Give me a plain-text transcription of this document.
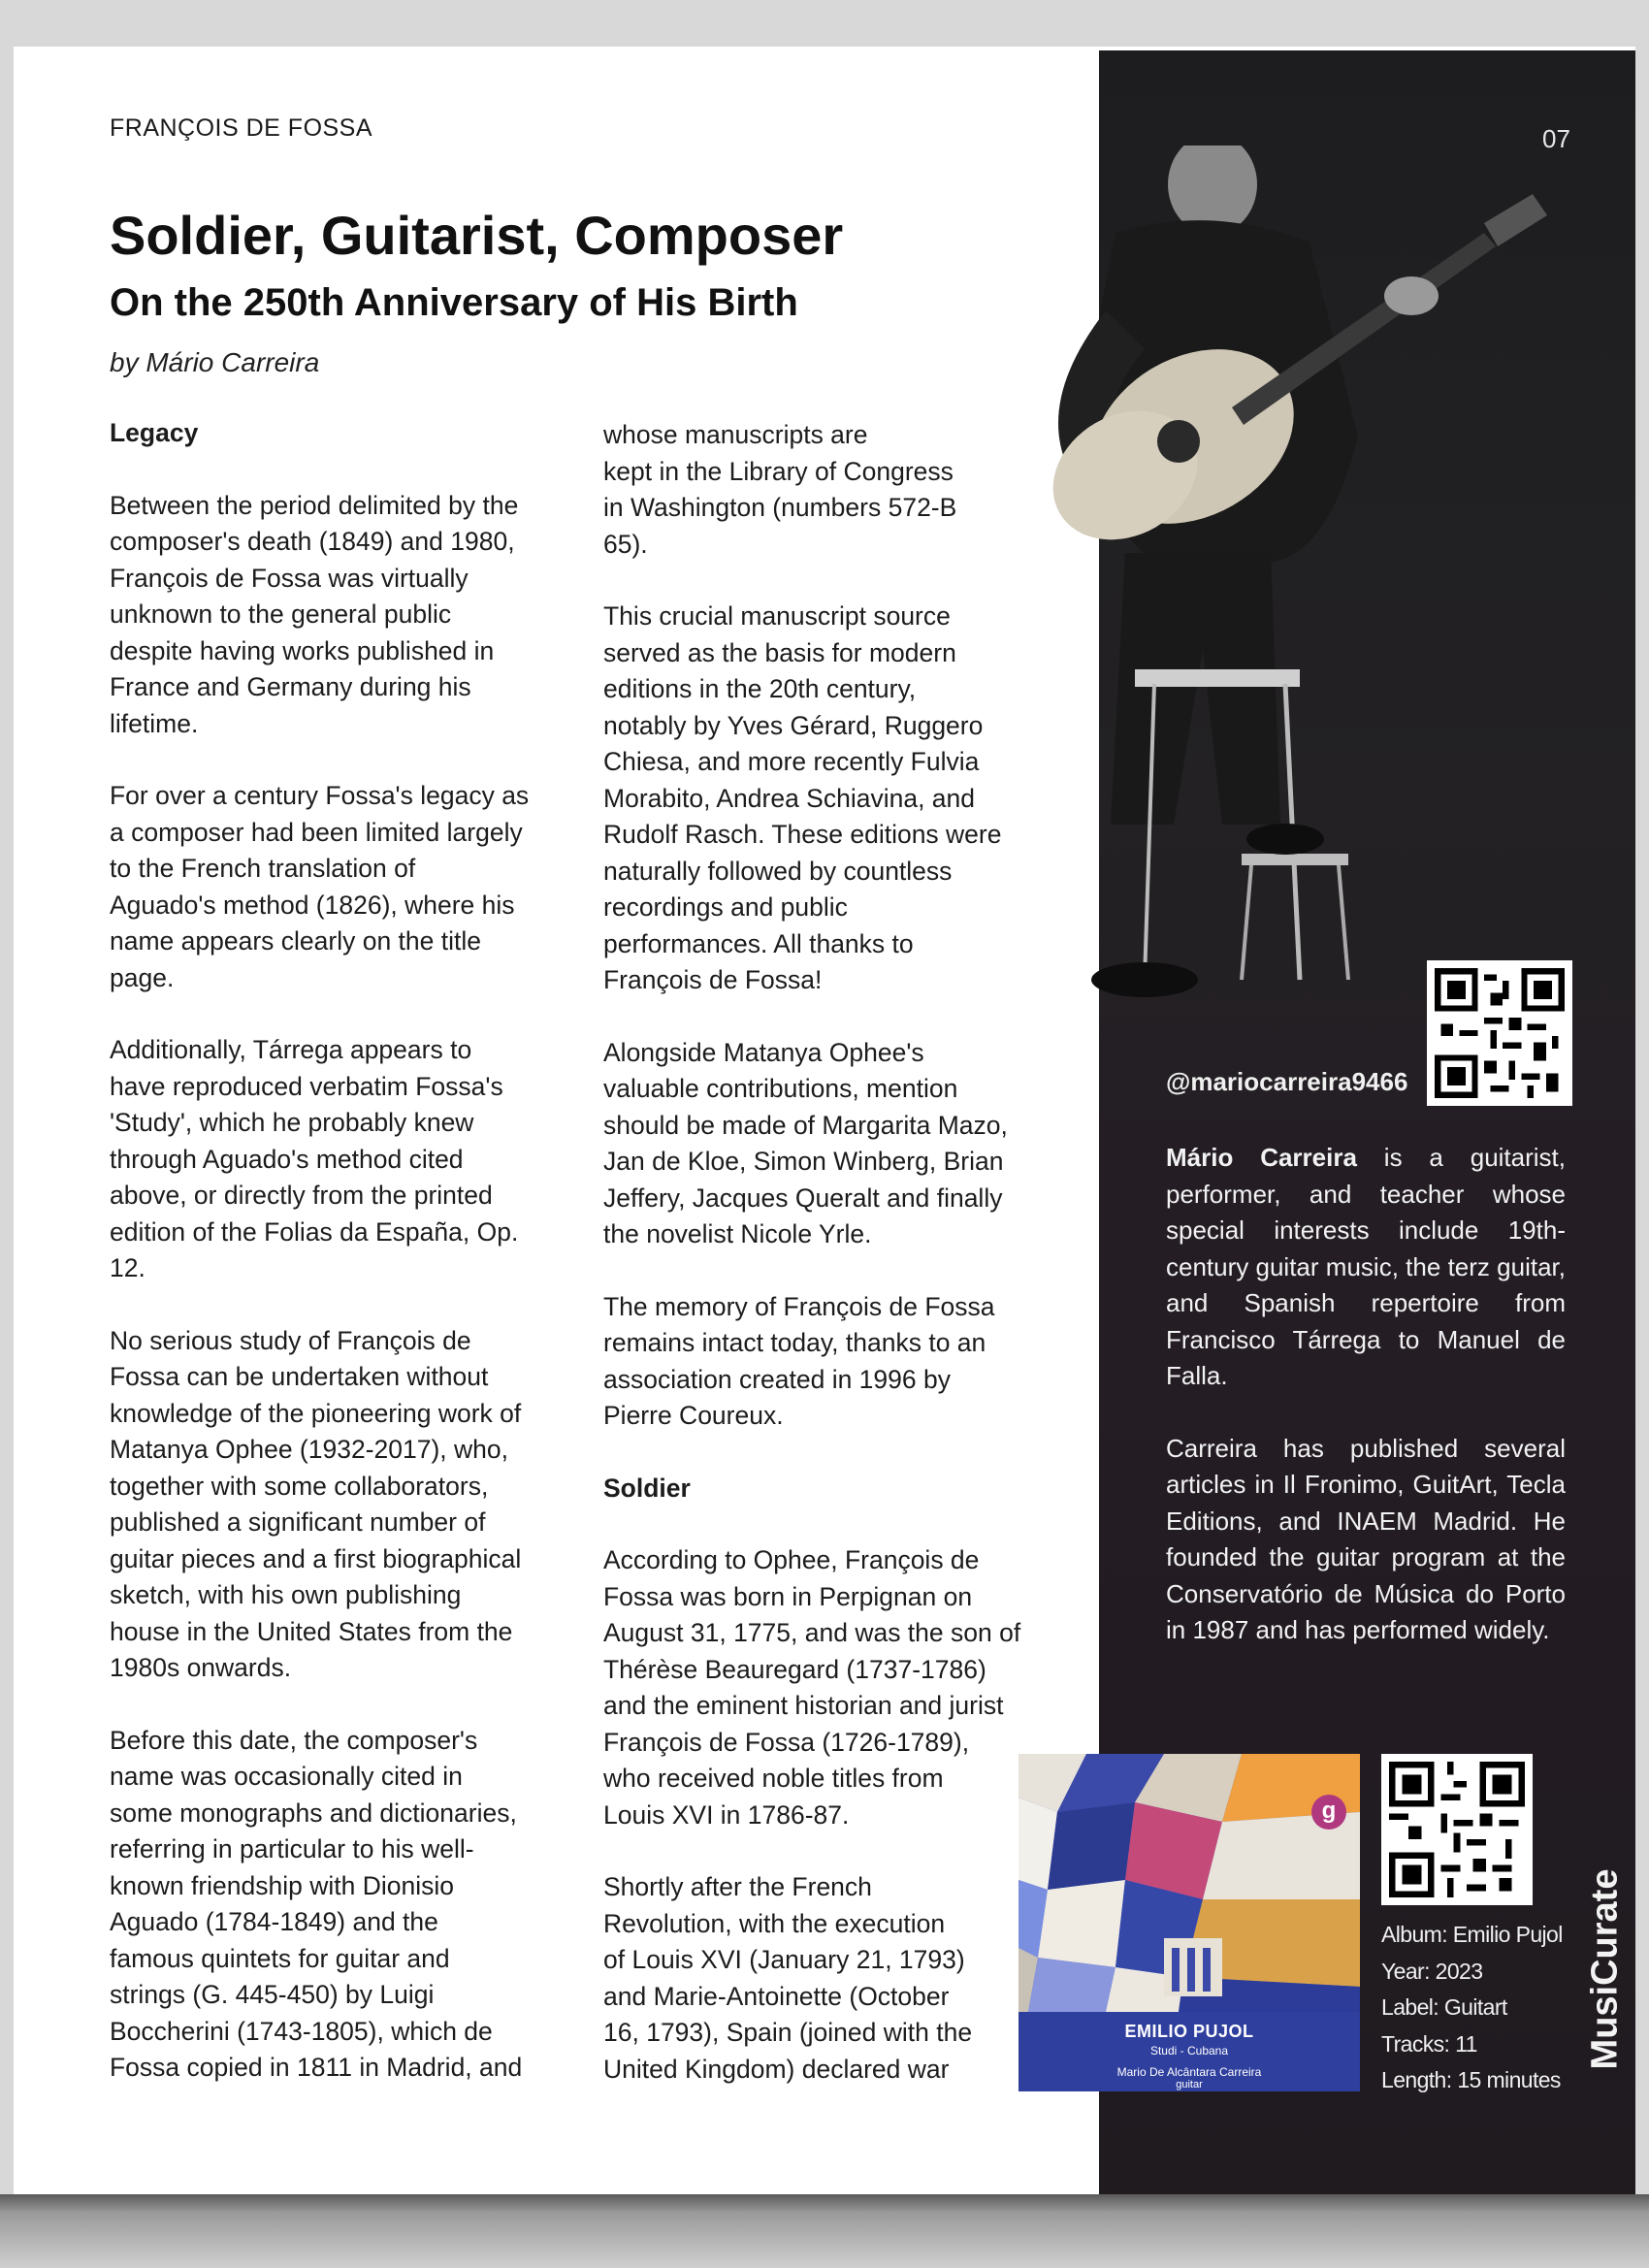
FRANÇOIS DE FOSSA	07
Soldier, Guitarist, Composer
On the 250th Anniversary of His Birth
by Mário Carreira
Legacy

Between the period delimited by the
composer's death (1849) and 1980,
François de Fossa was virtually
unknown to the general public
despite having works published in
France and Germany during his
lifetime.

For over a century Fossa's legacy as
a composer had been limited largely
to the French translation of
Aguado's method (1826), where his
name appears clearly on the title
page.

Additionally, Tárrega appears to
have reproduced verbatim Fossa's
'Study', which he probably knew
through Aguado's method cited
above, or directly from the printed
edition of the Folias da España, Op.
12.

No serious study of François de
Fossa can be undertaken without
knowledge of the pioneering work of
Matanya Ophee (1932-2017), who,
together with some collaborators,
published a significant number of
guitar pieces and a first biographical
sketch, with his own publishing
house in the United States from the
1980s onwards.

Before this date, the composer's
name was occasionally cited in
some monographs and dictionaries,
referring in particular to his well-
known friendship with Dionisio
Aguado (1784-1849) and the
famous quintets for guitar and
strings (G. 445-450) by Luigi
Boccherini (1743-1805), which de
Fossa copied in 1811 in Madrid, and

whose manuscripts are
kept in the Library of Congress
in Washington (numbers 572-B
65).

This crucial manuscript source
served as the basis for modern
editions in the 20th century,
notably by Yves Gérard, Ruggero
Chiesa, and more recently Fulvia
Morabito, Andrea Schiavina, and
Rudolf Rasch. These editions were
naturally followed by countless
recordings and public
performances. All thanks to
François de Fossa!

Alongside Matanya Ophee's
valuable contributions, mention
should be made of Margarita Mazo,
Jan de Kloe, Simon Winberg, Brian
Jeffery, Jacques Queralt and finally
the novelist Nicole Yrle.

The memory of François de Fossa
remains intact today, thanks to an
association created in 1996 by
Pierre Coureux.

Soldier

According to Ophee, François de
Fossa was born in Perpignan on
August 31, 1775, and was the son of
Thérèse Beauregard (1737-1786)
and the eminent historian and jurist
François de Fossa (1726-1789),
who received noble titles from
Louis XVI in 1786-87.

Shortly after the French
Revolution, with the execution
of Louis XVI (January 21, 1793)
and Marie-Antoinette (October
16, 1793), Spain (joined with the
United Kingdom) declared war

@mariocarreira9466

Mário Carreira is a guitarist, performer, and teacher whose special interests include 19th-century guitar music, the terz guitar, and Spanish repertoire from Francisco Tárrega to Manuel de Falla.

Carreira has published several articles in Il Fronimo, GuitArt, Tecla Editions, and INAEM Madrid. He founded the guitar program at the Conservatório de Música do Porto in 1987 and has performed widely.

g
EMILIO PUJOL
Studi - Cubana
Mario De Alcântara Carreira
guitar
Album: Emilio Pujol
Year: 2023
Label: Guitart
Tracks: 11
Length: 15 minutes
MusiCurate
